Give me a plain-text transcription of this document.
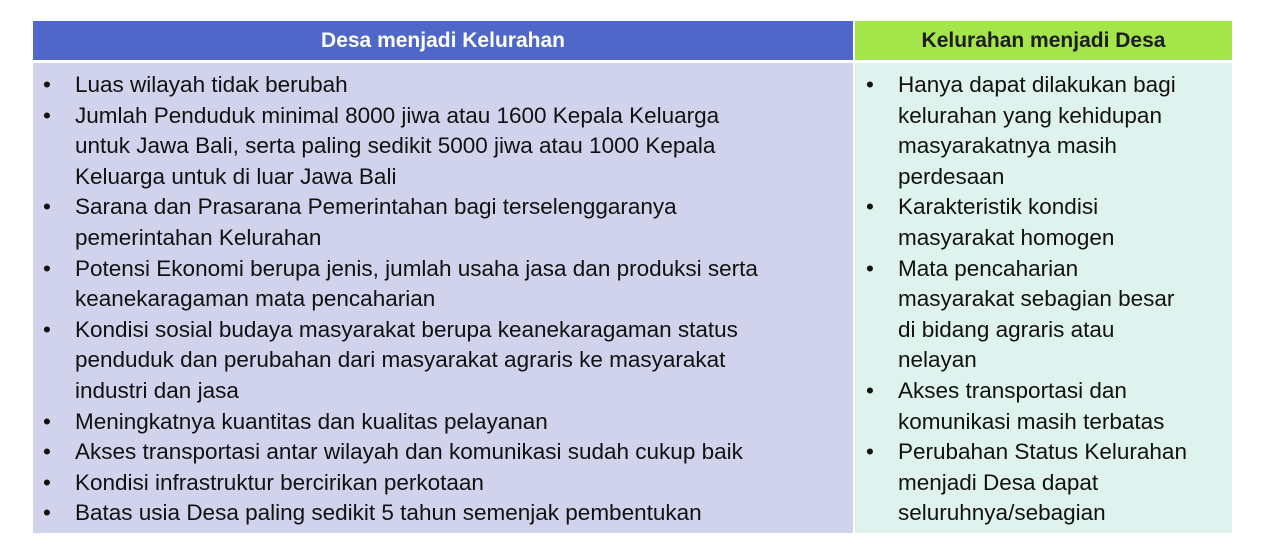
Desa menjadi Kelurahan
• Luas wilayah tidak berubah
• Jumlah Penduduk minimal 8000 jiwa atau 1600 Kepala Keluarga
untuk Jawa Bali, serta paling sedikit 5000 jiwa atau 1000 Kepala
Keluarga untuk di luar Jawa Bali
• Sarana dan Prasarana Pemerintahan bagi terselenggaranya
pemerintahan Kelurahan
• Potensi Ekonomi berupa jenis, jumlah usaha jasa dan produksi serta
keanekaragaman mata pencaharian
• Kondisi sosial budaya masyarakat berupa keanekaragaman status
penduduk dan perubahan dari masyarakat agraris ke masyarakat
industri dan jasa
• Meningkatnya kuantitas dan kualitas pelayanan
• Akses transportasi antar wilayah dan komunikasi sudah cukup baik
• Kondisi infrastruktur bercirikan perkotaan
• Batas usia Desa paling sedikit 5 tahun semenjak pembentukan
Kelurahan menjadi Desa
• Hanya dapat dilakukan bagi
kelurahan yang kehidupan
masyarakatnya masih
perdesaan
• Karakteristik kondisi
masyarakat homogen
• Mata pencaharian
masyarakat sebagian besar
di bidang agraris atau
nelayan
• Akses transportasi dan
komunikasi masih terbatas
• Perubahan Status Kelurahan
menjadi Desa dapat
seluruhnya/sebagian
